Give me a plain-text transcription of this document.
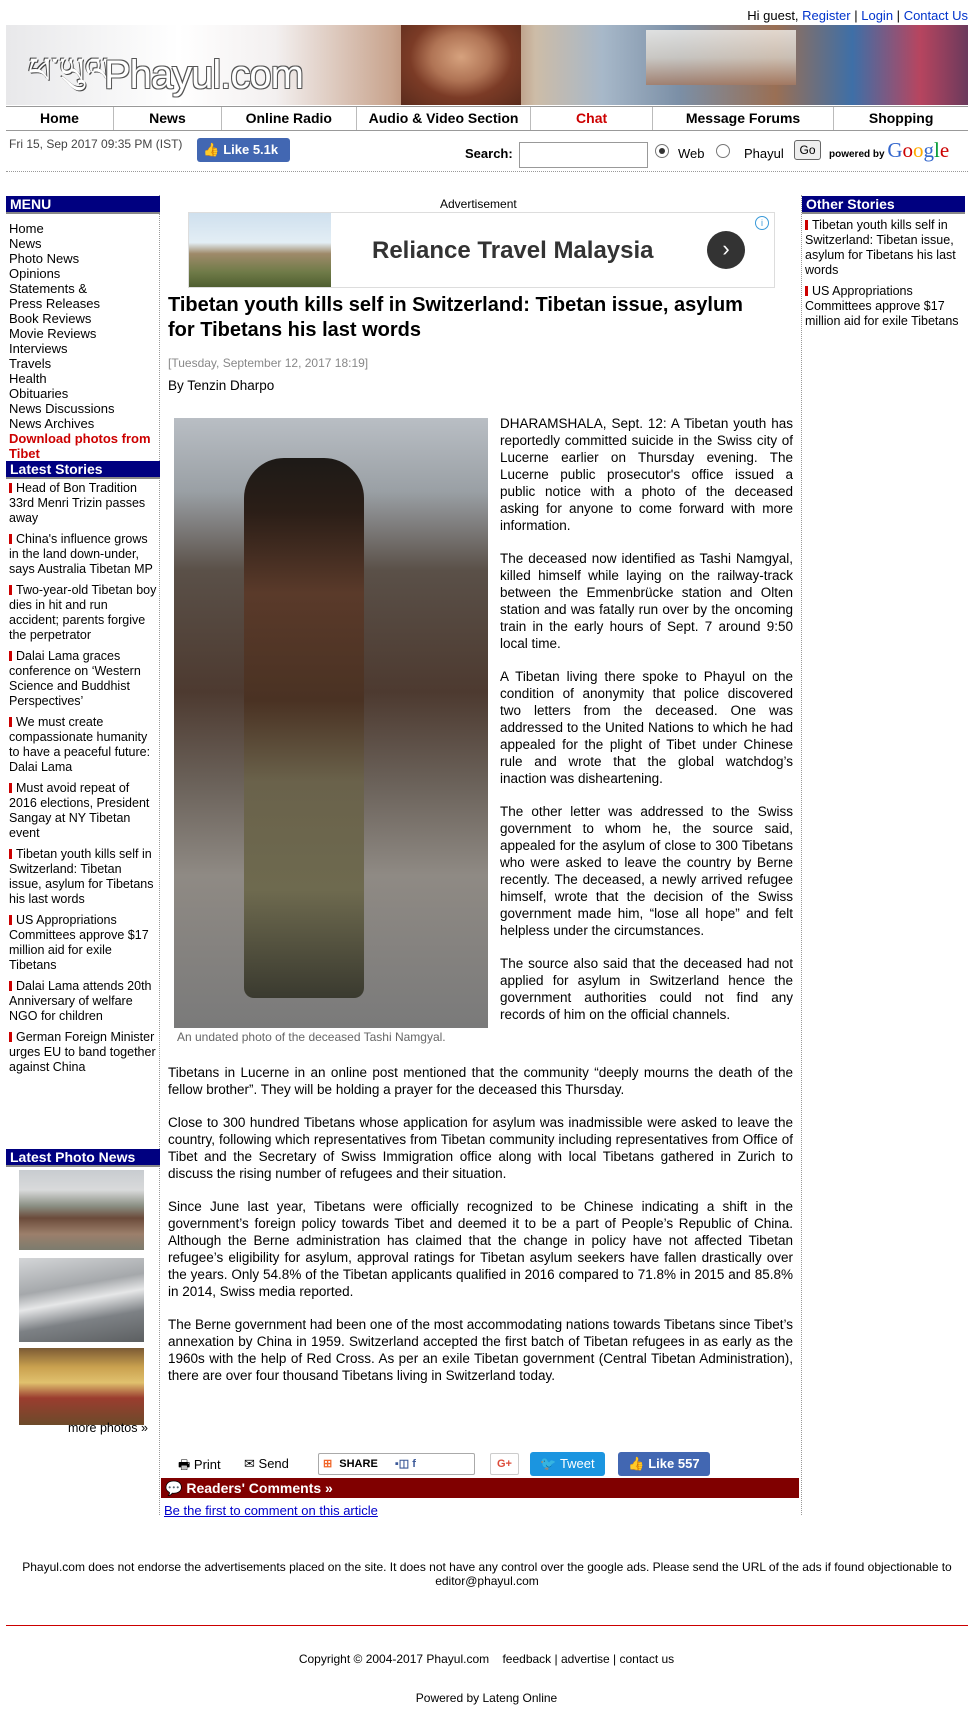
Hi guest, Register | Login | Contact Us
ཕ་ཡུལ
Phayul.com
Home	News	Online Radio	Audio & Video Section	Chat	Message Forums	Shopping
Fri 15, Sep 2017 09:35 PM (IST)	👍 Like 5.1k	Search:	Web	Phayul	Go	powered by Google
MENU
Home
News
Photo News
Opinions
Statements &
Press Releases
Book Reviews
Movie Reviews
Interviews
Travels
Health
Obituaries
News Discussions
News Archives
Download photos from Tibet
Latest Stories
Head of Bon Tradition 33rd Menri Trizin passes away
China's influence grows in the land down-under, says Australia Tibetan MP
Two-year-old Tibetan boy dies in hit and run accident; parents forgive the perpetrator
Dalai Lama graces conference on ‘Western Science and Buddhist Perspectives’
We must create compassionate humanity to have a peaceful future: Dalai Lama
Must avoid repeat of 2016 elections, President Sangay at NY Tibetan event
Tibetan youth kills self in Switzerland: Tibetan issue, asylum for Tibetans his last words
US Appropriations Committees approve $17 million aid for exile Tibetans
Dalai Lama attends 20th Anniversary of welfare NGO for children
German Foreign Minister urges EU to band together against China
Latest Photo News
more photos »
Advertisement
Reliance Travel Malaysia	›
i
Tibetan youth kills self in Switzerland: Tibetan issue, asylum for Tibetans his last words
[Tuesday, September 12, 2017 18:19]
By Tenzin Dharpo
An undated photo of the deceased Tashi Namgyal.

DHARAMSHALA, Sept. 12: A Tibetan youth has reportedly committed suicide in the Swiss city of Lucerne earlier on Thursday evening. The Lucerne public prosecutor's office issued a public notice with a photo of the deceased asking for anyone to come forward with more information.

The deceased now identified as Tashi Namgyal, killed himself while laying on the railway-track between the Emmenbrücke station and Olten station and was fatally run over by the oncoming train in the early hours of Sept. 7 around 9:50 local time.

A Tibetan living there spoke to Phayul on the condition of anonymity that police discovered two letters from the deceased. One was addressed to the United Nations to which he had appealed for the plight of Tibet under Chinese rule and wrote that the global watchdog’s inaction was disheartening.

The other letter was addressed to the Swiss government to whom he, the source said, appealed for the asylum of close to 300 Tibetans who were asked to leave the country by Berne recently. The deceased, a newly arrived refugee himself, wrote that the decision of the Swiss government made him, “lose all hope” and felt helpless under the circumstances.

The source also said that the deceased had not applied for asylum in Switzerland hence the government authorities could not find any records of him on the official channels.

Tibetans in Lucerne in an online post mentioned that the community “deeply mourns the death of the fellow brother”. They will be holding a prayer for the deceased this Thursday.

Close to 300 hundred Tibetans whose application for asylum was inadmissible were asked to leave the country, following which representatives from Tibetan community including representatives from Office of Tibet and the Secretary of Swiss Immigration office along with local Tibetans gathered in Zurich to discuss the rising number of refugees and their situation.

Since June last year, Tibetans were officially recognized to be Chinese indicating a shift in the government’s foreign policy towards Tibet and deemed it to be a part of People’s Republic of China. Although the Berne administration has claimed that the change in policy have not affected Tibetan refugee’s eligibility for asylum, approval ratings for Tibetan asylum seekers have fallen drastically over the years. Only 54.8% of the Tibetan applicants qualified in 2016 compared to 71.8% in 2015 and 85.8% in 2014, Swiss media reported.

The Berne government had been one of the most accommodating nations towards Tibetans since Tibet’s annexation by China in 1959. Switzerland accepted the first batch of Tibetan refugees in as early as the 1960s with the help of Red Cross. As per an exile Tibetan government (Central Tibetan Administration), there are over four thousand Tibetans living in Switzerland today.

🖶 Print ✉ Send	⊞ SHARE ▪◫ f	G+	🐦 Tweet	👍 Like 557
💬 Readers' Comments »
Be the first to comment on this article
Other Stories
Tibetan youth kills self in Switzerland: Tibetan issue, asylum for Tibetans his last words
US Appropriations Committees approve $17 million aid for exile Tibetans
Phayul.com does not endorse the advertisements placed on the site. It does not have any control over the google ads. Please send the URL of the ads if found objectionable to editor@phayul.com
Copyright © 2004-2017 Phayul.com feedback | advertise | contact us
Powered by Lateng Online
